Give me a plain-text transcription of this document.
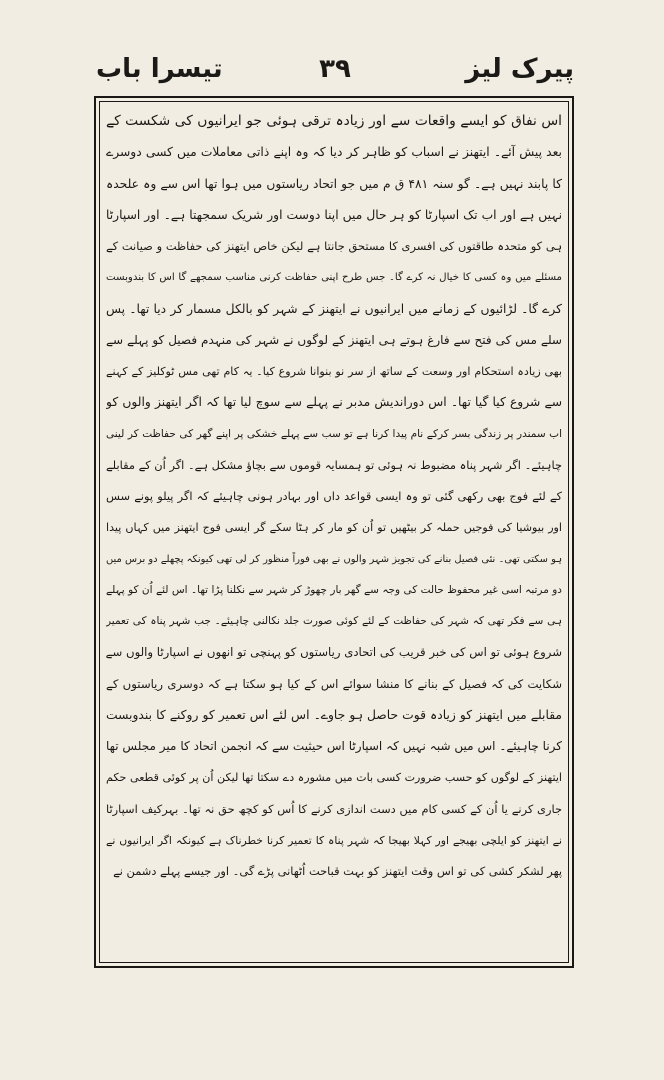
تیسرا باب	۳۹	پیرک لیز
اس نفاق کو ایسے واقعات سے اور زیادہ ترقی ہوئی جو ایرانیوں کی شکست کے
بعد پیش آئے۔ ایتھنز نے اسباب کو ظاہر کر دیا کہ وہ اپنے ذاتی معاملات میں کسی دوسرے
کا پابند نہیں ہے۔ گو سنہ ۴۸۱ ق م میں جو اتحاد ریاستوں میں ہوا تھا اس سے وہ علحدہ
نہیں ہے اور اب تک اسپارٹا کو ہر حال میں اپنا دوست اور شریک سمجھتا ہے۔ اور اسپارٹا
ہی کو متحدہ طاقتوں کی افسری کا مستحق جانتا ہے لیکن خاص ایتھنز کی حفاظت و صیانت کے
مسئلے میں وہ کسی کا خیال نہ کرے گا۔ جس طرح اپنی حفاظت کرنی مناسب سمجھے گا اس کا بندوبست
کرے گا۔ لڑائیوں کے زمانے میں ایرانیوں نے ایتھنز کے شہر کو بالکل مسمار کر دیا تھا۔ پس
سلے مس کی فتح سے فارغ ہوتے ہی ایتھنز کے لوگوں نے شہر کی منہدم فصیل کو پہلے سے
بھی زیادہ استحکام اور وسعت کے ساتھ از سر نو بنوانا شروع کیا۔ یہ کام تھی مس ٹوکلیز کے کہنے
سے شروع کیا گیا تھا۔ اس دوراندیش مدبر نے پہلے سے سوچ لیا تھا کہ اگر ایتھنز والوں کو
اب سمندر پر زندگی بسر کرکے نام پیدا کرنا ہے تو سب سے پہلے خشکی پر اپنے گھر کی حفاظت کر لینی
چاہیئے۔ اگر شہر پناہ مضبوط نہ ہوئی تو ہمسایہ قوموں سے بچاؤ مشکل ہے۔ اگر اُن کے مقابلے
کے لئے فوج بھی رکھی گئی تو وہ ایسی قواعد داں اور بہادر ہونی چاہیئے کہ اگر پیلو پونے سس
اور بیوشیا کی فوجیں حملہ کر بیٹھیں تو اُن کو مار کر ہٹا سکے گر ایسی فوج ایتھنز میں کہاں پیدا
ہو سکتی تھی۔ نئی فصیل بنانے کی تجویز شہر والوں نے بھی فوراً منظور کر لی تھی کیونکہ پچھلے دو برس میں
دو مرتبہ اسی غیر محفوظ حالت کی وجہ سے گھر بار چھوڑ کر شہر سے نکلنا پڑا تھا۔ اس لئے اُن کو پہلے
ہی سے فکر تھی کہ شہر کی حفاظت کے لئے کوئی صورت جلد نکالنی چاہیئے۔ جب شہر پناہ کی تعمیر
شروع ہوئی تو اس کی خبر قریب کی اتحادی ریاستوں کو پہنچی تو انھوں نے اسپارٹا والوں سے
شکایت کی کہ فصیل کے بنانے کا منشا سوائے اس کے کیا ہو سکتا ہے کہ دوسری ریاستوں کے
مقابلے میں ایتھنز کو زیادہ قوت حاصل ہو جاوے۔ اس لئے اس تعمیر کو روکنے کا بندوبست
کرنا چاہیئے۔ اس میں شبہ نہیں کہ اسپارٹا اس حیثیت سے کہ انجمن اتحاد کا میر مجلس تھا
ایتھنز کے لوگوں کو حسب ضرورت کسی بات میں مشورہ دے سکتا تھا لیکن اُن پر کوئی قطعی حکم
جاری کرنے یا اُن کے کسی کام میں دست اندازی کرنے کا اُس کو کچھ حق نہ تھا۔ بہرکیف اسپارٹا
نے ایتھنز کو ایلچی بھیجے اور کہلا بھیجا کہ شہر پناہ کا تعمیر کرنا خطرناک ہے کیونکہ اگر ایرانیوں نے
پھر لشکر کشی کی تو اس وقت ایتھنز کو بہت قباحت اُٹھانی پڑے گی۔ اور جیسے پہلے دشمن نے
